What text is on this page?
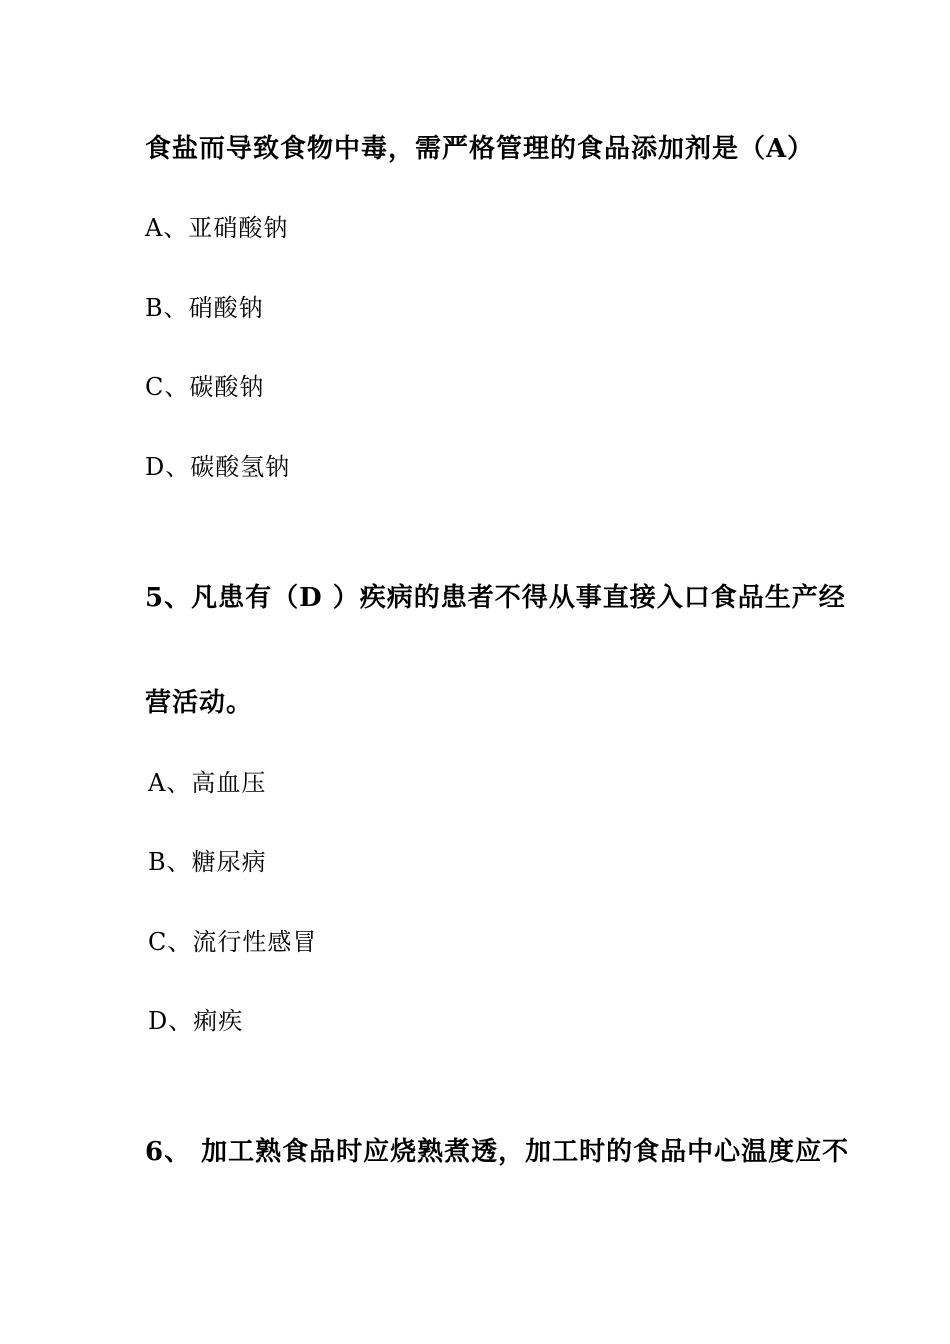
食盐而导致食物中毒，需严格管理的食品添加剂是（A）
A、亚硝酸钠
B、硝酸钠
C、碳酸钠
D、碳酸氢钠
5、凡患有（D ）疾病的患者不得从事直接入口食品生产经
营活动。
A、高血压
B、糖尿病
C、流行性感冒
D、痢疾
6、 加工熟食品时应烧熟煮透，加工时的食品中心温度应不
